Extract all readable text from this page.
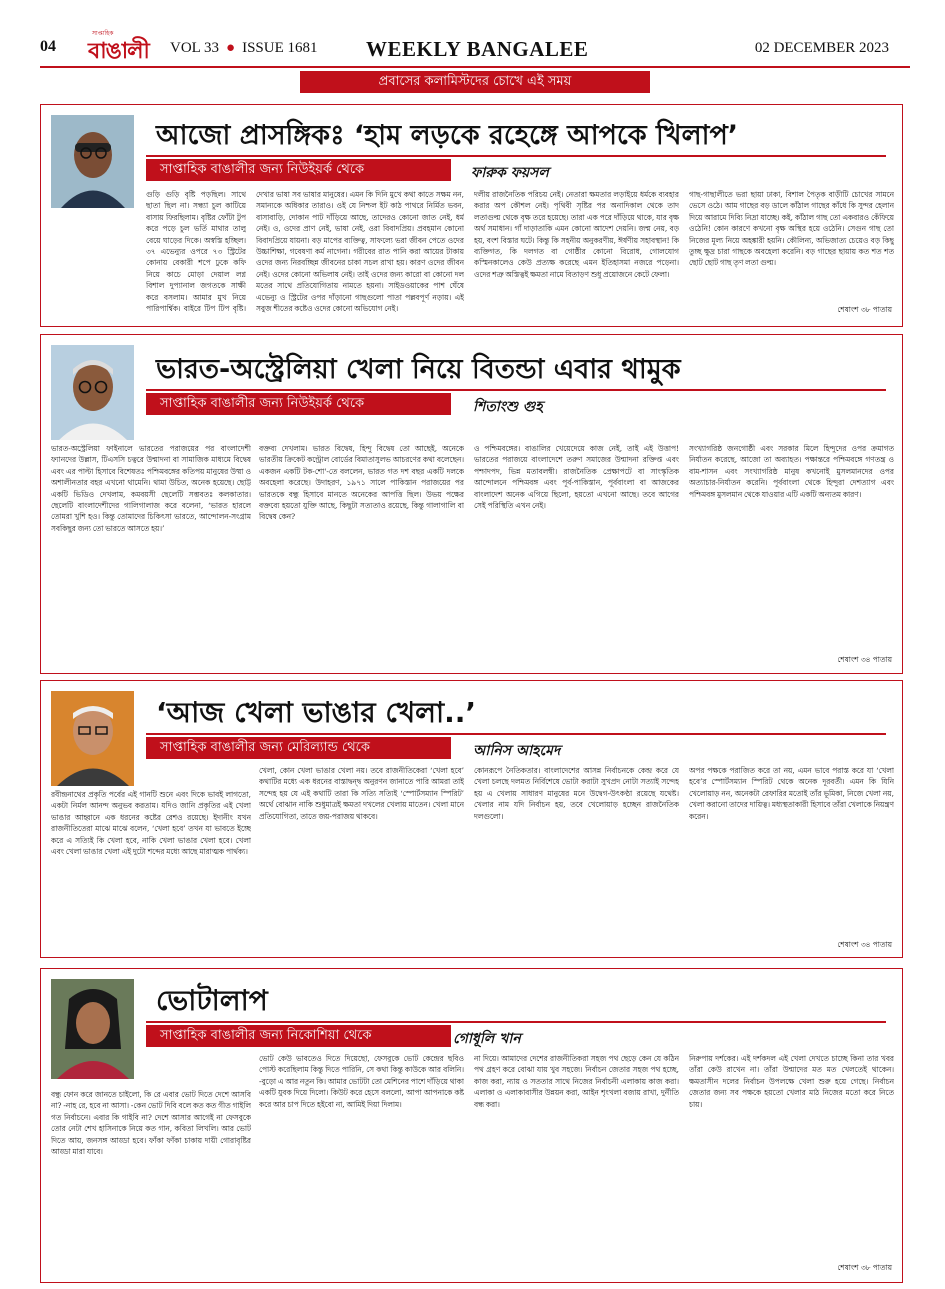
04
সাপ্তাহিক
বাঙালী VOL 33 ● ISSUE 1681 WEEKLY BANGALEE	02 DECEMBER 2023
প্রবাসের কলামিস্টদের চোখে এই সময়
আজো প্রাসঙ্গিকঃ ‘হাম লড়কে রহেঙ্গে আপকে খিলাপ’
সাপ্তাহিক বাঙালীর জন্য নিউইয়র্ক থেকে	ফারুক ফয়সল
গুড়ি গুড়ি বৃষ্টি পড়ছিল। সাথে ছাতা ছিল না। সন্ধ্যা চুল কাটিয়ে বাসায় ফিরছিলাম। বৃষ্টির ফোঁটা টুপ করে পড়ে চুল ভর্তি মাথার তালু বেয়ে ঘাড়ের দিকে। অস্বস্তি হচ্ছিল। ৩৭ এভেন্যুর ওপরে ৭৩ স্ট্রিটের কোনায় বেকারী শপে ঢুকে কফি নিয়ে কাচে মোড়া দেয়াল লগ্ন বিশাল দুপ্যানাল জগতকে সাক্ষী করে বসলাম। আমার মুখ নিয়ে পারিপার্শ্বিক। বাইরে টিপ টিপ বৃষ্টি।
দেখার ভাষা সব ভাষার মানুষের। এমন কি দিনি মুখে কথা কাতে সক্ষম নন, সমান্যকে অধিকার তারাও। ওই যে নিশ্চল ইট কাঠ পাথরে নির্মিত ভবন, বাসাবাড়ি, দোকান পাট দাঁড়িয়ে আছে, তাদেরও কোনো জাত নেই, ধর্ম নেই। ও, ওদের প্রাণ নেই, ভাষা নেই, ওরা বিবাদপ্রিয়। প্রবহমান কোনো বিবাদপ্রিয়ে যায়না। বড় মাপের ব্যক্তিত্ব, সাফল্যে ভরা জীবন পেতে ওদের উচ্চাশিক্ষা, গবেষণা কর্ম নাগেনা। গরীবের রাত পানি করা আয়ের টাকায় ওদের জন্য নিরবচ্ছিন্ন জীবনের চাকা সচল রাখা হয়। কারণ ওদের জীবন নেই। ওদের কোনো অভিলাষ নেই। তাই ওদের জন্য কারো বা কোনো দল মতের সাথে প্রতিযোগিতায় নামতে হয়না। সাইডওয়াকের পাশ ঘেঁষে এভেন্যু ও স্ট্রিটের ওপর দাঁড়ানো গাছগুলো পাতা পল্লবপূর্ণ নড়ায়। এই সবুজ শীতের কষ্টেও ওদের কোনো অভিযোগ নেই।
দলীয় রাজনৈতিক পরিচয় নেই। নেতারা ক্ষমতার লড়াইয়ে ধর্মকে ব্যবহার করার অপ কৌশল নেই। পৃথিবী সৃষ্টির পর অনাদিকাল থেকে তাদ লতাগুল্ম থেকে বৃক্ষ তরে হয়েছে। তারা এক পরে দাঁড়িয়ে থাকে, যার বৃক্ষ অর্থ সমাধান। গাঁ দাড়াতাকি এমন কোনো আদেশ দেয়নি। জন্ম নেয়, বড় হয়, বংশ বিস্তার ঘটে। কিন্তু কি সহনীয় অনুকরণীয়, ঈর্ষণীয় সহাবস্থান! কি ব্যক্তিগত, কি দলগত বা গোষ্ঠীর কোনো বিরোধ, গোলযোগ কস্মিনকালেও কেউ প্রত্যক্ষ করেছে এমন ইতিহাসমা নজরে পড়েনা। ওদের শত্রু অস্তিত্বই ক্ষমতা নামে বিতাড়ণ শুধু প্রয়োজনে কেটে ফেলা।
গাছ-গাছালীতে ভরা ছায়া ঢাকা, বিশাল পৈতৃক বাড়ীটি চোখের সামনে ভেসে ওঠে। আম গাছের বড় ডালে কাঁঠাল গাছের কাঁধে কি সুন্দর হেলান দিয়ে আরামে দিব্যি নিদ্রা যাচ্ছে। কই, কাঁঠাল গাছ তো একবারও কেঁফিয়ে ওঠেনি! কোন কারণে কখনো বৃক্ষ অস্থির হয়ে ওঠেনি। সেগুন গাছ তো নিজের মূল্য নিয়ে অহঙ্কারী হয়নি। কৌলিন্য, অভিজাত্য চেয়েও বড় কিছু তুচ্ছ ক্ষুদ্র চারা গাছকে অবহেলা করেনি। বড় গাছের ছায়ায় কত শত শত ছোট ছোট গাছ তৃণ লতা গুল্ম।
শেষাংশ ৩৮ পাতায়
ভারত-অস্ট্রেলিয়া খেলা নিয়ে বিতন্ডা এবার থামুক
সাপ্তাহিক বাঙালীর জন্য নিউইয়র্ক থেকে	শিতাংশু গুহ
ভারত-অস্ট্রেলিয়া ফাইনালে ভারতের পরাজয়ের পর বাংলাদেশী ফ্যানদের উল্লাস, টিএসসি চত্বরে উন্মাদনা বা সামাজিক মাধ্যমে বিদ্বেষ এবং এর পাল্টা হিসাবে বিশেষতঃ পশ্চিমবঙ্গের কতিপয় মানুষের উষ্মা ও অশালীনতার বহর এখনো থামেনি। থামা উচিত, অনেক হয়েছে। ছোট্ট একটি ভিডিও দেখলাম, কমবয়সী ছেলেটি সম্ভবতঃ কলকাতার। ছেলেটি বাংলাদেশীদের গালিগালাজ করে বলেনা, ‘ভারত হারলে তোমরা খুশি হও। কিন্তু তোমাদের চিকিৎসা ভারতে, আন্দোলন-সংগ্রাম সবকিছুর জন্য তো ভারতে আসতে হয়।’
বক্তব্য দেখলাম। ভারত বিদ্বেষ, হিন্দু বিদ্বেষ তো আছেই, অনেকে ভারতীয় ক্রিকেট কন্ট্রোল বোর্ডের বিমাতাসুলভ আচরণের কথা বলেছেন। একজন একটি টক-শো'-তে বললেন, ভারত গত দশ বছর একটি দলকে অবহেলা করেছে। উদাহরণ, ১৯৭১ সালে পাকিস্তান পরাজয়ের পর ভারতকে বন্ধু হিসাবে মানতে অনেকের আপত্তি ছিল। উভয় পক্ষের বক্তব্যে হয়তো যুক্তি আছে, কিছুটা সত্যতাও রয়েছে, কিন্তু গালাগালি বা বিদ্বেষ কেন?
ও পশ্চিমবঙ্গের। বাঙালির খেয়েদেয়ে কাজ নেই, তাই এই উত্তাপ! ভারতের পরাজয়ে বাংলাদেশে তরুণ সমাজের উন্মাদনা রক্তিপ্ত এবং পশ্চাদপদ, ভিন্ন মতাবলম্বী। রাজনৈতিক প্রেক্ষাপটে বা সাংস্কৃতিক আন্দোলনে পশ্চিমবঙ্গ এবং পূর্ব-পাকিস্তান, পূর্ববাংলা বা আজকের বাংলাদেশ অনেক এগিয়ে ছিলো, হয়তো এখনো আছে। তবে আগের সেই পরিস্থিতি এখন নেই।
সংখ্যাগরিষ্ঠ জনগোষ্ঠী এবং সরকার মিলে হিন্দুদের ওপর ক্রমাগত নির্যাতন করেছে, আজো তা অব্যাহত। পক্ষান্তরে পশ্চিমবঙ্গে গণতন্ত্র ও বাম-শাসন এবং সংখ্যাগরিষ্ঠ মানুষ কখনোই মুসলমানদের ওপর অত্যাচার-নির্যাতন করেনি। পূর্ববাংলা থেকে হিন্দুরা দেশত্যাগ এবং পশ্চিমবঙ্গ মুসলমান থেকে যাওয়ার এটি একটি অন্যতম কারণ।
শেষাংশ ৩৪ পাতায়
‘আজ খেলা ভাঙার খেলা..’
সাপ্তাহিক বাঙালীর জন্য মেরিল্যান্ড থেকে	আনিস আহমেদ
রবীন্দ্রনাথের প্রকৃতি পর্বের এই গানটি শুনে এবং দিকে ভাবই লাগতো, একটা নির্মল আনন্দ অনুভব করতাম। যদিও জানি প্রকৃতির এই খেলা ভাঙার আহ্বানে এক ধরনের কষ্টের রেশও রয়েছে। ইদানীং যখন রাজনীতিতেরা মাঝে মাঝে বলেন, ‘খেলা হবে’ তখন যা ভাবতে ইচ্ছে করে এ সত্যিই কি খেলা হবে, নাকি খেলা ভাঙার খেলা হবে। খেলা এবং খেলা ভাঙার খেলা এই দুটো শব্দের মধ্যে আছে মারাত্মক পার্থক্য।
খেলা, কোন খেলা ভাঙার খেলা নয়। তবে রাজনীতিকেরা ‘খেলা হবে’ কথাটির মধ্যে এক ধরনের বাস্তাদ্বন্দ্ব অনুরণন জানাতে পারি আমরা তাই সন্দেহ হয় যে এই কথাটি তারা কি সত্যি সত্যিই ‘স্পোর্টসম্যান স্পিরিট’ অর্থে বোঝান নাকি শুধুমাত্রই ক্ষমতা দখলের খেলায় মাতেন। খেলা মানে প্রতিযোগিতা, তাতে জয়-পরাজয় থাকবে।
কোনরূপে নৈতিকতার। বাংলাদেশের আসন্ন নির্বাচনকে কেন্দ্র করে যে খেলা চলছে দলমত নির্বিশেষে ভোটা করাটা সুখপ্রদ নোটা সত্যাই সন্দেহ হয় এ খেলায় সাধারণ মানুষের মনে উদ্বেগ-উৎকণ্ঠা রয়েছে যথেষ্ট। খেলার নাম যদি নির্বাচন হয়, তবে খেলোয়াড় হচ্ছেন রাজনৈতিক দলগুলো।
অপর পক্ষকে পরাজিত করে তা নয়, এমন ভাবে পরাস্ত করে যা ‘খেলা হবে’র স্পোর্টসম্যান স্পিরিট থেকে অনেক দূরবর্তী। এমন কি যিনি খেলোয়াড় নন, অনেকটা রেফারির মতোই তাঁর ভূমিকা, নিজে খেলা নয়, খেলা করানো তাদের দায়িত্ব। মধ্যস্থতাকারী হিসাবে তাঁরা খেলাকে নিয়ন্ত্রণ করেন।
শেষাংশ ৩৪ পাতায়
ভোটালাপ
সাপ্তাহিক বাঙালীর জন্য নিকোশিয়া থেকে	গোধূলি খান
বন্ধু ফোন করে জানতে চাইলো, কি রে এবার ভোট দিতে দেশে আসবি না? -নাহ রে, হবে না আসা। -কেন ভোট দিবি বলে কত কত গীত গাইলি গত নির্বাচনে। এবার কি গাইবি না? দেশে আসার আগেই না ফেসবুকে তোর নেটা শেখ হাসিনাকে নিয়ে কত গান, কবিতা লিখলি। আর ভোট দিতে আয়, জনসঙ্গ আড্ডা হবে। ফাঁকা ফাঁকা চাকায় দায়ী গোরাবৃষ্টির আড্ডা মারা যাবে।
ভোট কেউ ভাবতেও দিতে দিয়েছো, ফেসবুকে ভোট কেন্দ্রের ছবিও পোস্ট করেছিলাম কিন্তু দিতে পারিনি, সে কথা কিন্তু কাউকে আর বলিনি। -বুড়ো এ আর নতুন কি। আমার ভোটটা তো মেশিনের পাশে দাঁড়িয়ে থাকা একটি যুবক দিয়ে দিলো। কিউট করে হেসে বললো, আপা আপনাকে কষ্ট করে আর চাপ দিতে হইবো না, আমিই দিয়া দিলাম।
না দিয়ে। আমাদের দেশের রাজনীতিকরা সহজ পথ ছেড়ে কেন যে কঠিন পথ গ্রহণ করে বোঝা যায় খুব সহজে। নির্বাচন জেতার সহজ পথ হচ্ছে, কাজ করা, ন্যায় ও সততার সাথে নিজের নির্বাচনী এলাকায় কাজ করা। এলাকা ও এলাকাবাসীর উন্নয়ন করা, আইন শৃংখলা বজায় রাখা, দুর্নীতি বন্ধ করা।
নিরুপায় দর্শকের। এই দর্শকদল এই খেলা দেখতে চাচ্ছে কিনা তার খবর তাঁরা কেউ রাখেন না। তাঁরা উন্মাদের মত মত খেলতেই থাকেন। ক্ষমতাসীন দলের নির্বাচন উপলক্ষে খেলা শুরু হয়ে গেছে। নির্বাচন জেতার জন্য সব পক্ষকে হয়তো খেলার মাঠ নিজের মতো করে নিতে চায়।
শেষাংশ ৩৮ পাতায়
